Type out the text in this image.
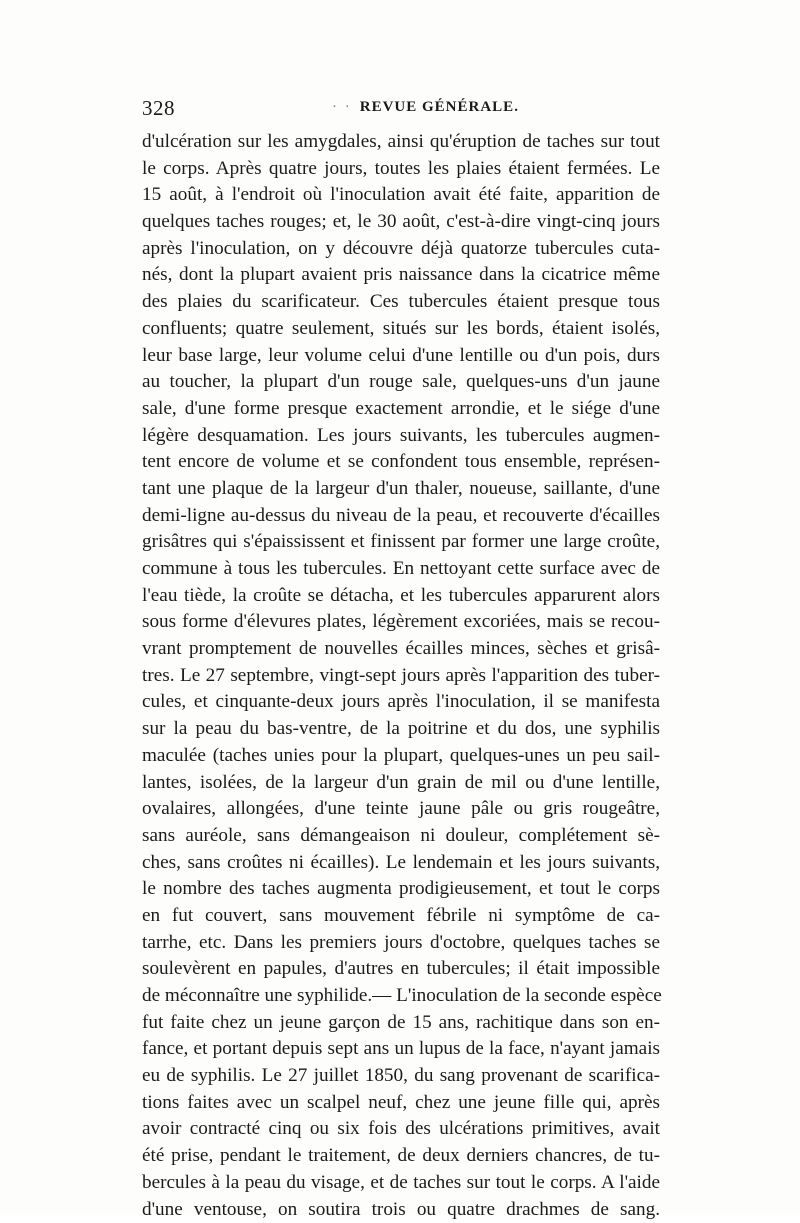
328	· · REVUE GÉNÉRALE.
d'ulcération sur les amygdales, ainsi qu'éruption de taches sur tout
le corps. Après quatre jours, toutes les plaies étaient fermées. Le
15 août, à l'endroit où l'inoculation avait été faite, apparition de
quelques taches rouges; et, le 30 août, c'est-à-dire vingt-cinq jours
après l'inoculation, on y découvre déjà quatorze tubercules cuta-
nés, dont la plupart avaient pris naissance dans la cicatrice même
des plaies du scarificateur. Ces tubercules étaient presque tous
confluents; quatre seulement, situés sur les bords, étaient isolés,
leur base large, leur volume celui d'une lentille ou d'un pois, durs
au toucher, la plupart d'un rouge sale, quelques-uns d'un jaune
sale, d'une forme presque exactement arrondie, et le siége d'une
légère desquamation. Les jours suivants, les tubercules augmen-
tent encore de volume et se confondent tous ensemble, représen-
tant une plaque de la largeur d'un thaler, noueuse, saillante, d'une
demi-ligne au-dessus du niveau de la peau, et recouverte d'écailles
grisâtres qui s'épaississent et finissent par former une large croûte,
commune à tous les tubercules. En nettoyant cette surface avec de
l'eau tiède, la croûte se détacha, et les tubercules apparurent alors
sous forme d'élevures plates, légèrement excoriées, mais se recou-
vrant promptement de nouvelles écailles minces, sèches et grisâ-
tres. Le 27 septembre, vingt-sept jours après l'apparition des tuber-
cules, et cinquante-deux jours après l'inoculation, il se manifesta
sur la peau du bas-ventre, de la poitrine et du dos, une syphilis
maculée (taches unies pour la plupart, quelques-unes un peu sail-
lantes, isolées, de la largeur d'un grain de mil ou d'une lentille,
ovalaires, allongées, d'une teinte jaune pâle ou gris rougeâtre,
sans auréole, sans démangeaison ni douleur, complétement sè-
ches, sans croûtes ni écailles). Le lendemain et les jours suivants,
le nombre des taches augmenta prodigieusement, et tout le corps
en fut couvert, sans mouvement fébrile ni symptôme de ca-
tarrhe, etc. Dans les premiers jours d'octobre, quelques taches se
soulevèrent en papules, d'autres en tubercules; il était impossible
de méconnaître une syphilide.— L'inoculation de la seconde espèce
fut faite chez un jeune garçon de 15 ans, rachitique dans son en-
fance, et portant depuis sept ans un lupus de la face, n'ayant jamais
eu de syphilis. Le 27 juillet 1850, du sang provenant de scarifica-
tions faites avec un scalpel neuf, chez une jeune fille qui, après
avoir contracté cinq ou six fois des ulcérations primitives, avait
été prise, pendant le traitement, de deux derniers chancres, de tu-
bercules à la peau du visage, et de taches sur tout le corps. A l'aide
d'une ventouse, on soutira trois ou quatre drachmes de sang.
